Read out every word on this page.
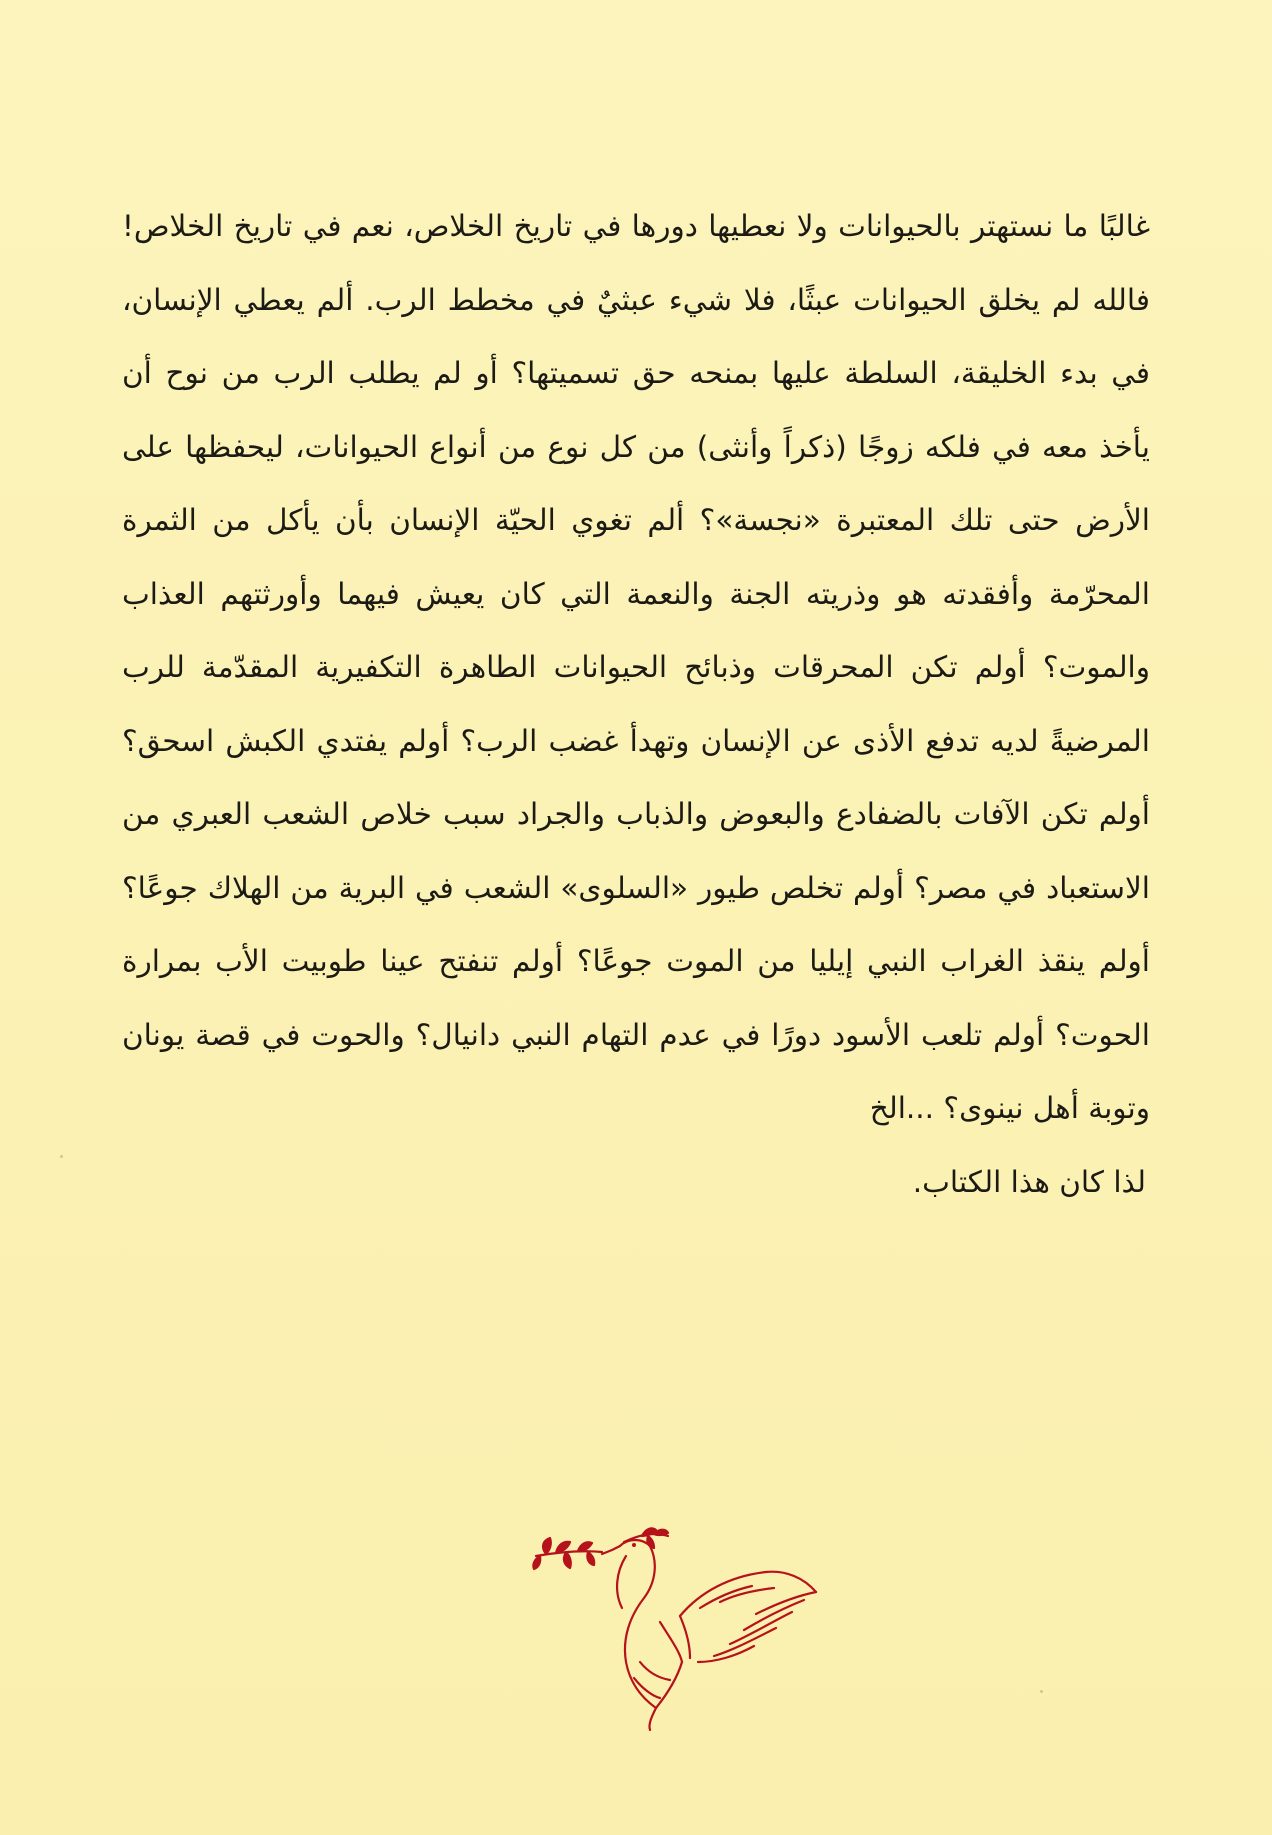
غالبًا ما نستهتر بالحيوانات ولا نعطيها دورها في تاريخ الخلاص، نعم في تاريخ الخلاص! فالله لم يخلق الحيوانات عبثًا، فلا شيء عبثيٌ في مخطط الرب. ألم يعطي الإنسان، في بدء الخليقة، السلطة عليها بمنحه حق تسميتها؟ أو لم يطلب الرب من نوح أن يأخذ معه في فلكه زوجًا (ذكراً وأنثى) من كل نوع من أنواع الحيوانات، ليحفظها على الأرض حتى تلك المعتبرة «نجسة»؟ ألم تغوي الحيّة الإنسان بأن يأكل من الثمرة المحرّمة وأفقدته هو وذريته الجنة والنعمة التي كان يعيش فيهما وأورثتهم العذاب والموت؟ أولم تكن المحرقات وذبائح الحيوانات الطاهرة التكفيرية المقدّمة للرب المرضيةً لديه تدفع الأذى عن الإنسان وتهدأ غضب الرب؟ أولم يفتدي الكبش اسحق؟ أولم تكن الآفات بالضفادع والبعوض والذباب والجراد سبب خلاص الشعب العبري من الاستعباد في مصر؟ أولم تخلص طيور «السلوى» الشعب في البرية من الهلاك جوعًا؟ أولم ينقذ الغراب النبي إيليا من الموت جوعًا؟ أولم تنفتح عينا طوبيت الأب بمرارة الحوت؟ أولم تلعب الأسود دورًا في عدم التهام النبي دانيال؟ والحوت في قصة يونان وتوبة أهل نينوى؟ ...الخ

لذا كان هذا الكتاب.
